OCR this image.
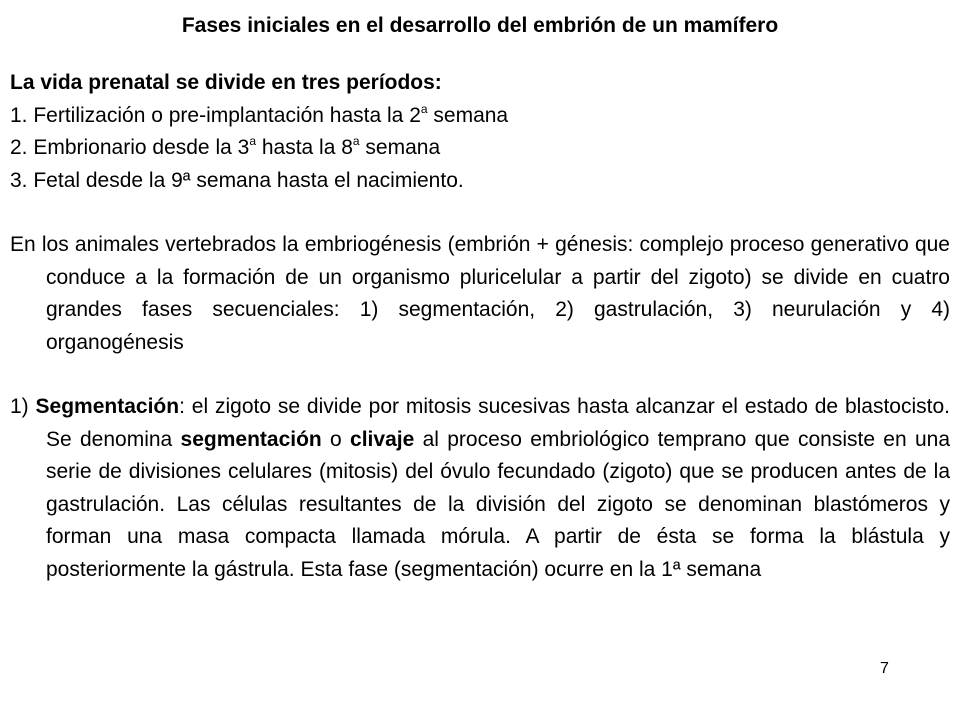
Fases iniciales en el desarrollo del embrión de un mamífero
La vida prenatal se divide en tres períodos:
1. Fertilización o pre-implantación hasta la 2$^a$ semana
2. Embrionario desde la 3$^a$ hasta la 8$^a$ semana
3. Fetal desde la 9ª semana hasta el nacimiento.
En los animales vertebrados la embriogénesis (embrión + génesis: complejo proceso generativo que conduce a la formación de un organismo pluricelular a partir del zigoto) se divide en cuatro grandes fases secuenciales: 1) segmentación, 2) gastrulación, 3) neurulación y 4) organogénesis
1) Segmentación: el zigoto se divide por mitosis sucesivas hasta alcanzar el estado de blastocisto. Se denomina segmentación o clivaje al proceso embriológico temprano que consiste en una serie de divisiones celulares (mitosis) del óvulo fecundado (zigoto) que se producen antes de la gastrulación. Las células resultantes de la división del zigoto se denominan blastómeros y forman una masa compacta llamada mórula. A partir de ésta se forma la blástula y posteriormente la gástrula. Esta fase (segmentación) ocurre en la 1ª semana
7
